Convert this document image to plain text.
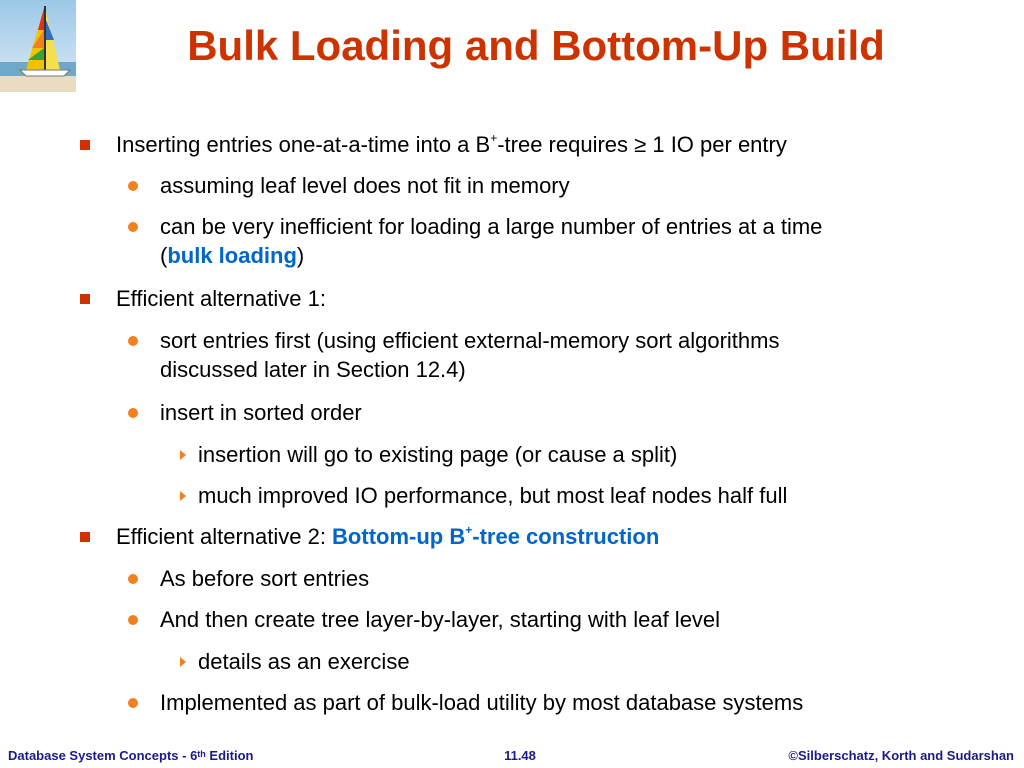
Bulk Loading and Bottom-Up Build
Inserting entries one-at-a-time into a B+-tree requires ≥ 1 IO per entry
assuming leaf level does not fit in memory
can be very inefficient for loading a large number of entries at a time
(bulk loading)
Efficient alternative 1:
sort entries first (using efficient external-memory sort algorithms
discussed later in Section 12.4)
insert in sorted order
insertion will go to existing page (or cause a split)
much improved IO performance, but most leaf nodes half full
Efficient alternative 2: Bottom-up B+-tree construction
As before sort entries
And then create tree layer-by-layer, starting with leaf level
details as an exercise
Implemented as part of bulk-load utility by most database systems
Database System Concepts - 6th Edition	11.48	©Silberschatz, Korth and Sudarshan
